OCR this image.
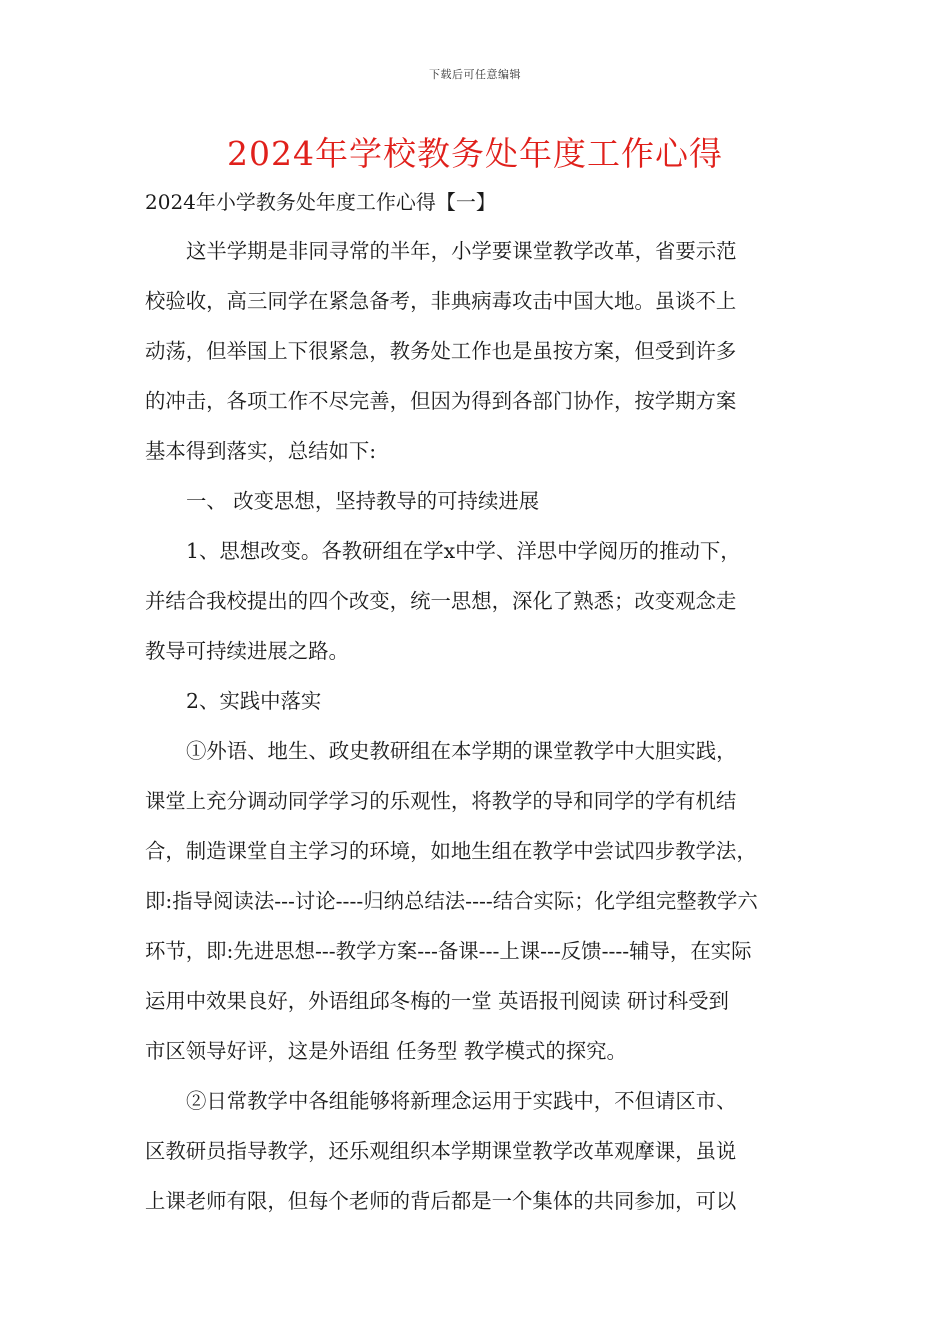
下载后可任意编辑
2024年学校教务处年度工作心得
2024年小学教务处年度工作心得【一】
这半学期是非同寻常的半年，小学要课堂教学改革，省要示范
校验收，高三同学在紧急备考，非典病毒攻击中国大地。虽谈不上
动荡，但举国上下很紧急，教务处工作也是虽按方案，但受到许多
的冲击，各项工作不尽完善，但因为得到各部门协作，按学期方案
基本得到落实，总结如下:
一、 改变思想，坚持教导的可持续进展
1、思想改变。各教研组在学x中学、洋思中学阅历的推动下，
并结合我校提出的四个改变，统一思想，深化了熟悉；改变观念走
教导可持续进展之路。
2、实践中落实
①外语、地生、政史教研组在本学期的课堂教学中大胆实践，
课堂上充分调动同学学习的乐观性，将教学的导和同学的学有机结
合，制造课堂自主学习的环境，如地生组在教学中尝试四步教学法，
即:指导阅读法---讨论----归纳总结法----结合实际；化学组完整教学六
环节，即:先进思想---教学方案---备课---上课---反馈----辅导，在实际
运用中效果良好，外语组邱冬梅的一堂 英语报刊阅读 研讨科受到
市区领导好评，这是外语组 任务型 教学模式的探究。
②日常教学中各组能够将新理念运用于实践中，不但请区市、
区教研员指导教学，还乐观组织本学期课堂教学改革观摩课，虽说
上课老师有限，但每个老师的背后都是一个集体的共同参加，可以
